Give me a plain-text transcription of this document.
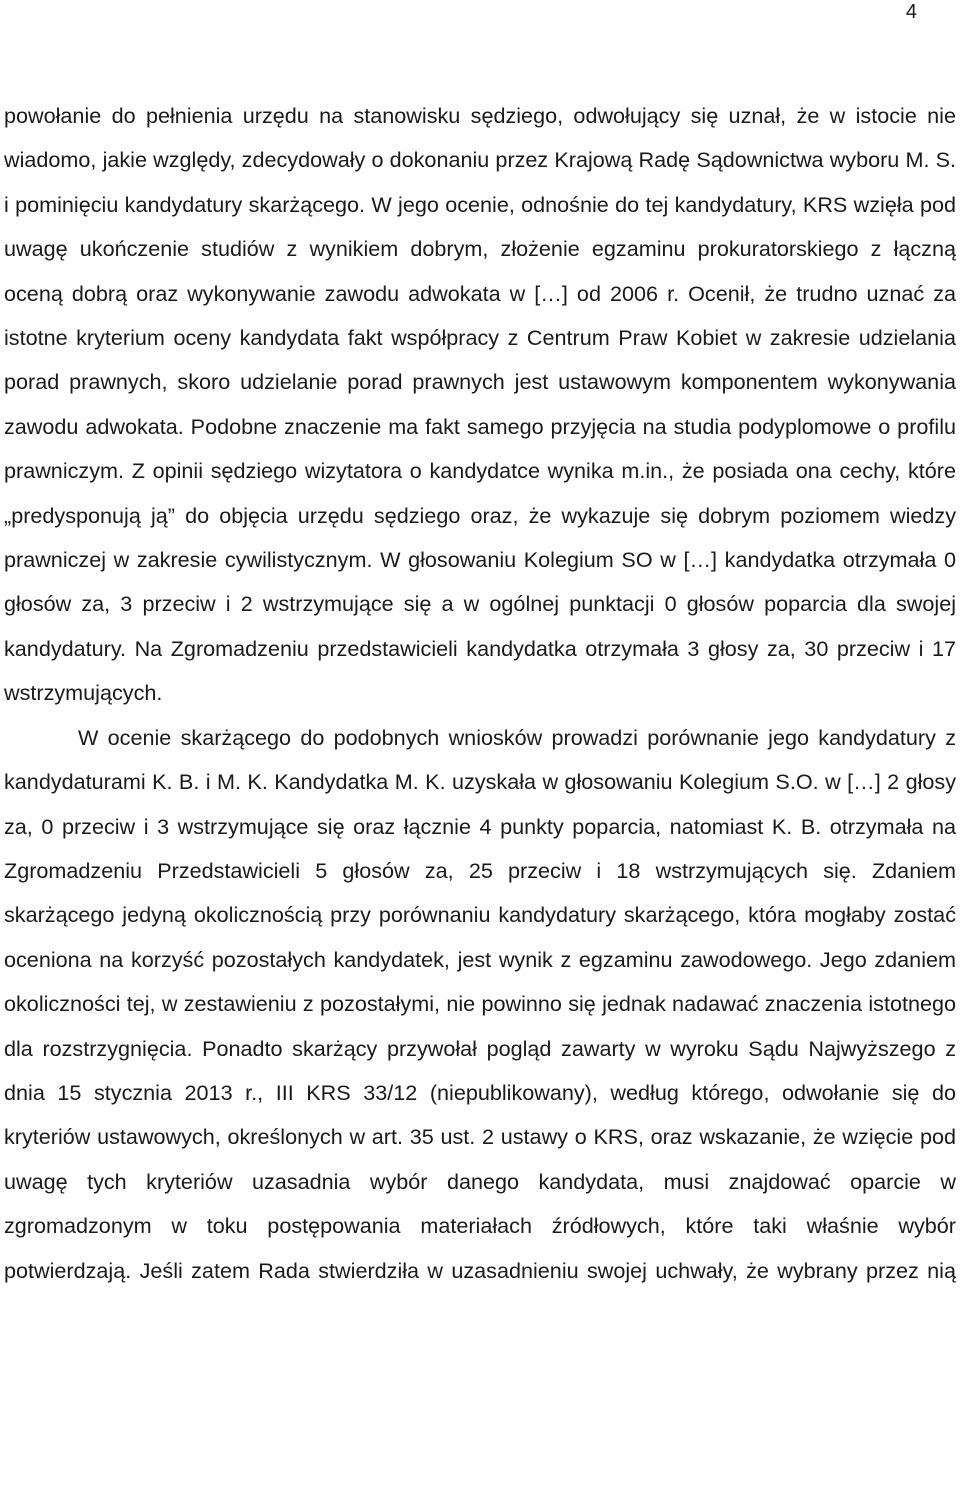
4

powołanie do pełnienia urzędu na stanowisku sędziego, odwołujący się uznał, że w istocie nie wiadomo, jakie względy, zdecydowały o dokonaniu przez Krajową Radę Sądownictwa wyboru M. S. i pominięciu kandydatury skarżącego. W jego ocenie, odnośnie do tej kandydatury, KRS wzięła pod uwagę ukończenie studiów z wynikiem dobrym, złożenie egzaminu prokuratorskiego z łączną oceną dobrą oraz wykonywanie zawodu adwokata w […] od 2006 r. Ocenił, że trudno uznać za istotne kryterium oceny kandydata fakt współpracy z Centrum Praw Kobiet w zakresie udzielania porad prawnych, skoro udzielanie porad prawnych jest ustawowym komponentem wykonywania zawodu adwokata. Podobne znaczenie ma fakt samego przyjęcia na studia podyplomowe o profilu prawniczym. Z opinii sędziego wizytatora o kandydatce wynika m.in., że posiada ona cechy, które „predysponują ją” do objęcia urzędu sędziego oraz, że wykazuje się dobrym poziomem wiedzy prawniczej w zakresie cywilistycznym. W głosowaniu Kolegium SO w […] kandydatka otrzymała 0 głosów za, 3 przeciw i 2 wstrzymujące się a w ogólnej punktacji 0 głosów poparcia dla swojej kandydatury. Na Zgromadzeniu przedstawicieli kandydatka otrzymała 3 głosy za, 30 przeciw i 17 wstrzymujących.

W ocenie skarżącego do podobnych wniosków prowadzi porównanie jego kandydatury z kandydaturami K. B. i M. K. Kandydatka M. K. uzyskała w głosowaniu Kolegium S.O. w […] 2 głosy za, 0 przeciw i 3 wstrzymujące się oraz łącznie 4 punkty poparcia, natomiast K. B. otrzymała na Zgromadzeniu Przedstawicieli 5 głosów za, 25 przeciw i 18 wstrzymujących się. Zdaniem skarżącego jedyną okolicznością przy porównaniu kandydatury skarżącego, która mogłaby zostać oceniona na korzyść pozostałych kandydatek, jest wynik z egzaminu zawodowego. Jego zdaniem okoliczności tej, w zestawieniu z pozostałymi, nie powinno się jednak nadawać znaczenia istotnego dla rozstrzygnięcia. Ponadto skarżący przywołał pogląd zawarty w wyroku Sądu Najwyższego z dnia 15 stycznia 2013 r., III KRS 33/12 (niepublikowany), według którego, odwołanie się do kryteriów ustawowych, określonych w art. 35 ust. 2 ustawy o KRS, oraz wskazanie, że wzięcie pod uwagę tych kryteriów uzasadnia wybór danego kandydata, musi znajdować oparcie w zgromadzonym w toku postępowania materiałach źródłowych, które taki właśnie wybór potwierdzają. Jeśli zatem Rada stwierdziła w uzasadnieniu swojej uchwały, że wybrany przez nią
